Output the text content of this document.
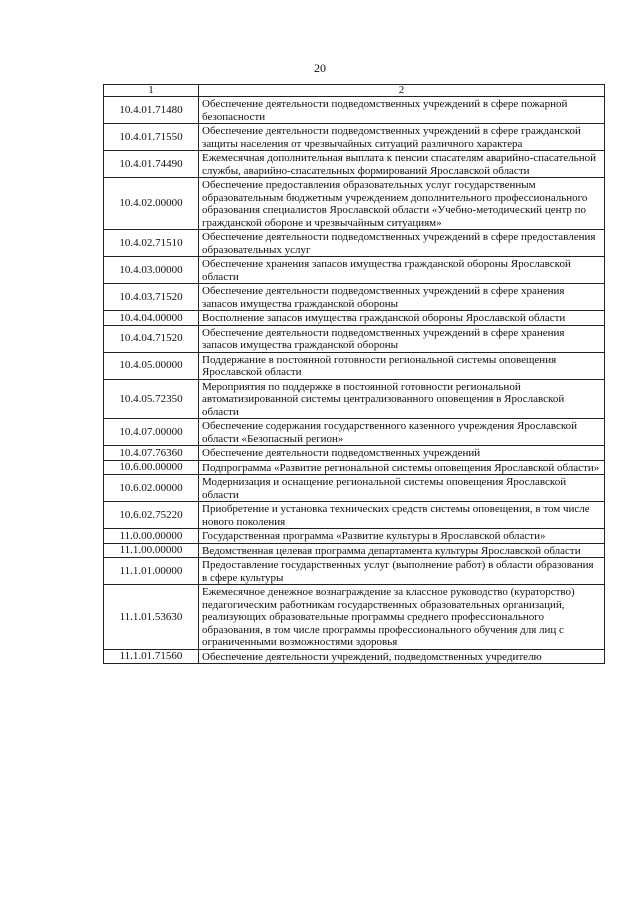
20
1	2
10.4.01.71480	Обеспечение деятельности подведомственных учреждений в сфере пожарной безопасности
10.4.01.71550	Обеспечение деятельности подведомственных учреждений в сфере гражданской защиты населения от чрезвычайных ситуаций различного характера
10.4.01.74490	Ежемесячная дополнительная выплата к пенсии спасателям аварийно-спасательной службы, аварийно-спасательных формирований Ярославской области
10.4.02.00000	Обеспечение предоставления образовательных услуг государственным образовательным бюджетным учреждением дополнительного профессионального образования специалистов Ярославской области «Учебно-методический центр по гражданской обороне и чрезвычайным ситуациям»
10.4.02.71510	Обеспечение деятельности подведомственных учреждений в сфере предоставления образовательных услуг
10.4.03.00000	Обеспечение хранения запасов имущества гражданской обороны Ярославской области
10.4.03.71520	Обеспечение деятельности подведомственных учреждений в сфере хранения запасов имущества гражданской обороны
10.4.04.00000	Восполнение запасов имущества гражданской обороны Ярославской области
10.4.04.71520	Обеспечение деятельности подведомственных учреждений в сфере хранения запасов имущества гражданской обороны
10.4.05.00000	Поддержание в постоянной готовности региональной системы оповещения Ярославской области
10.4.05.72350	Мероприятия по поддержке в постоянной готовности региональной автоматизированной системы централизованного оповещения в Ярославской области
10.4.07.00000	Обеспечение содержания государственного казенного учреждения Ярославской области «Безопасный регион»
10.4.07.76360	Обеспечение деятельности подведомственных учреждений
10.6.00.00000	Подпрограмма «Развитие региональной системы оповещения Ярославской области»
10.6.02.00000	Модернизация и оснащение региональной системы оповещения Ярославской области
10.6.02.75220	Приобретение и установка технических средств системы оповещения, в том числе нового поколения
11.0.00.00000	Государственная программа «Развитие культуры в Ярославской области»
11.1.00.00000	Ведомственная целевая программа департамента культуры Ярославской области
11.1.01.00000	Предоставление государственных услуг (выполнение работ) в области образования в сфере культуры
11.1.01.53630	Ежемесячное денежное вознаграждение за классное руководство (кураторство) педагогическим работникам государственных образовательных организаций, реализующих образовательные программы среднего профессионального образования, в том числе программы профессионального обучения для лиц с ограниченными возможностями здоровья
11.1.01.71560	Обеспечение деятельности учреждений, подведомственных учредителю
